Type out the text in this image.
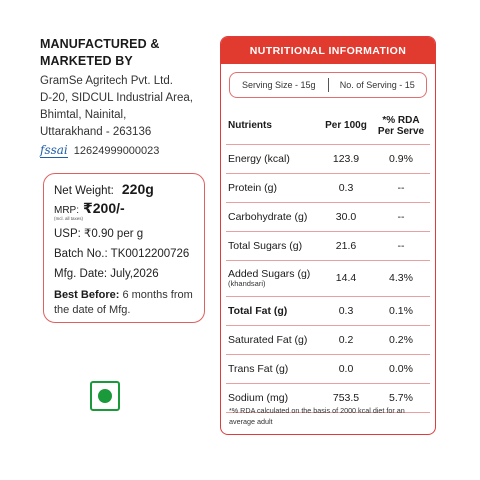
MANUFACTURED &
MARKETED BY
GramSe Agritech Pvt. Ltd.
D-20, SIDCUL Industrial Area,
Bhimtal, Nainital,
Uttarakhand - 263136
fssai 12624999000023
Net Weight: 220g
MRP: ₹200/-
(Incl. all taxes)
USP: ₹0.90 per g
Batch No.: TK0012200726
Mfg. Date: July,2026
Best Before: 6 months from the date of Mfg.
NUTRITIONAL INFORMATION
Serving Size - 15g	No. of Serving - 15
Nutrients	Per 100g	*% RDA Per Serve
Energy (kcal)	123.9	0.9%
Protein (g)	0.3	--
Carbohydrate (g)	30.0	--
Total Sugars (g)	21.6	--
Added Sugars (g)
(khandsari)	14.4	4.3%
Total Fat (g)	0.3	0.1%
Saturated Fat (g)	0.2	0.2%
Trans Fat (g)	0.0	0.0%
Sodium (mg)	753.5	5.7%
*% RDA calculated on the basis of 2000 kcal diet for an average adult
